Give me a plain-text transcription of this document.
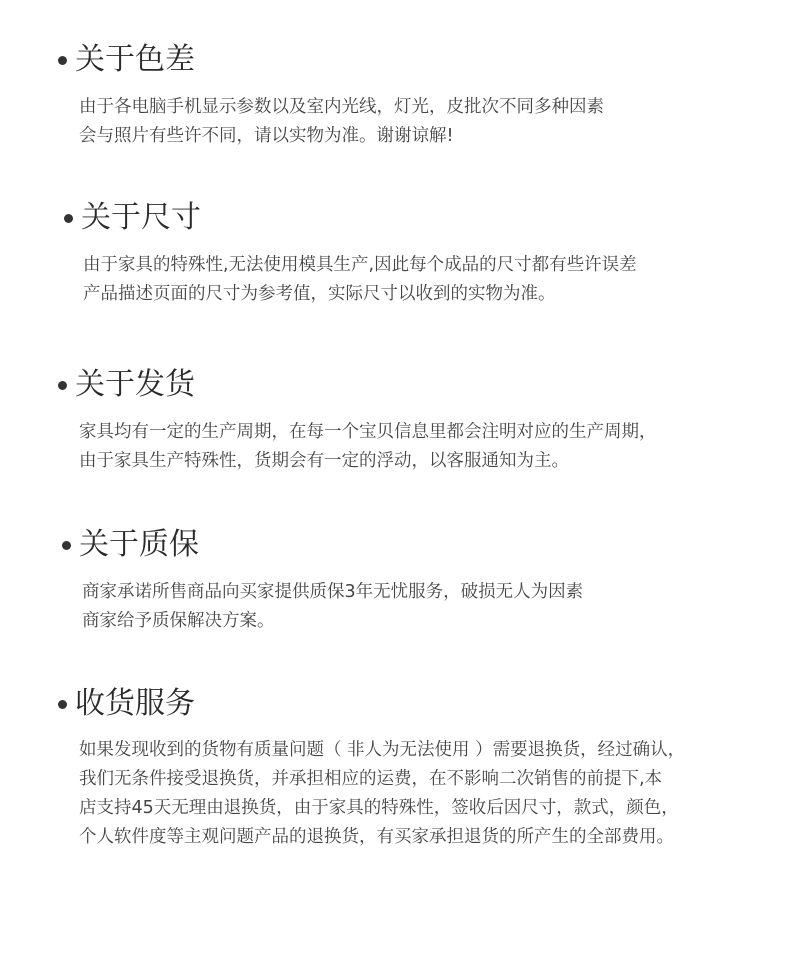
关于色差
由于各电脑手机显示参数以及室内光线，灯光，皮批次不同多种因素
会与照片有些许不同，请以实物为准。谢谢谅解!
关于尺寸
由于家具的特殊性,无法使用模具生产,因此每个成品的尺寸都有些许误差
产品描述页面的尺寸为参考值，实际尺寸以收到的实物为准。
关于发货
家具均有一定的生产周期，在每一个宝贝信息里都会注明对应的生产周期，
由于家具生产特殊性，货期会有一定的浮动，以客服通知为主。
关于质保
商家承诺所售商品向买家提供质保3年无忧服务，破损无人为因素
商家给予质保解决方案。
收货服务
如果发现收到的货物有质量问题（ 非人为无法使用 ）需要退换货，经过确认，
我们无条件接受退换货，并承担相应的运费，在不影响二次销售的前提下,本
店支持45天无理由退换货，由于家具的特殊性，签收后因尺寸，款式，颜色，
个人软件度等主观问题产品的退换货，有买家承担退货的所产生的全部费用。
